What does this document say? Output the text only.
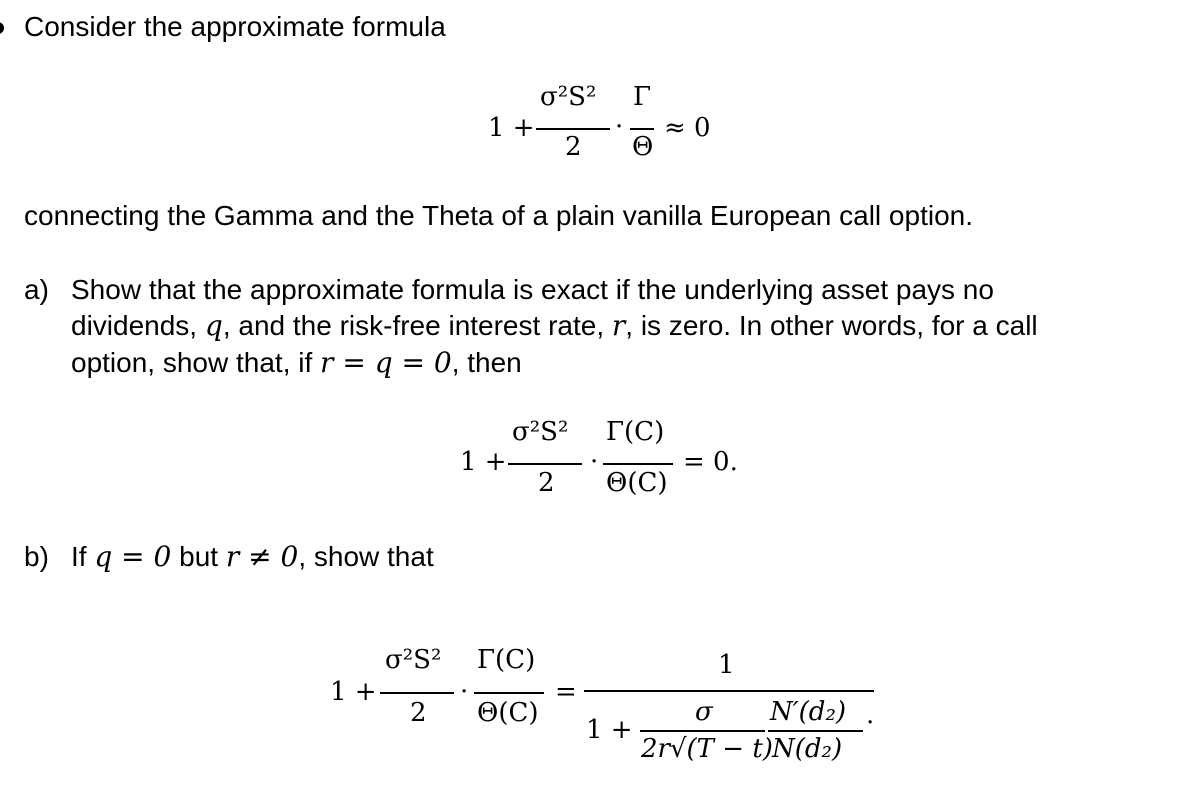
Consider the approximate formula
1 +
σ²S²
2
·
Γ
Θ
≈ 0
connecting the Gamma and the Theta of a plain vanilla European call option.
a) Show that the approximate formula is exact if the underlying asset pays no
dividends, q, and the risk-free interest rate, r, is zero. In other words, for a call
option, show that, if r = q = 0, then
1 +
σ²S²
2
·
Γ(C)
Θ(C)
= 0.
b) If q = 0 but r ≠ 0, show that
1 +
σ²S²
2
·
Γ(C)
Θ(C)
=
1
1 +
σ
2r√(T − t)
N′(d₂)
N(d₂)
.
